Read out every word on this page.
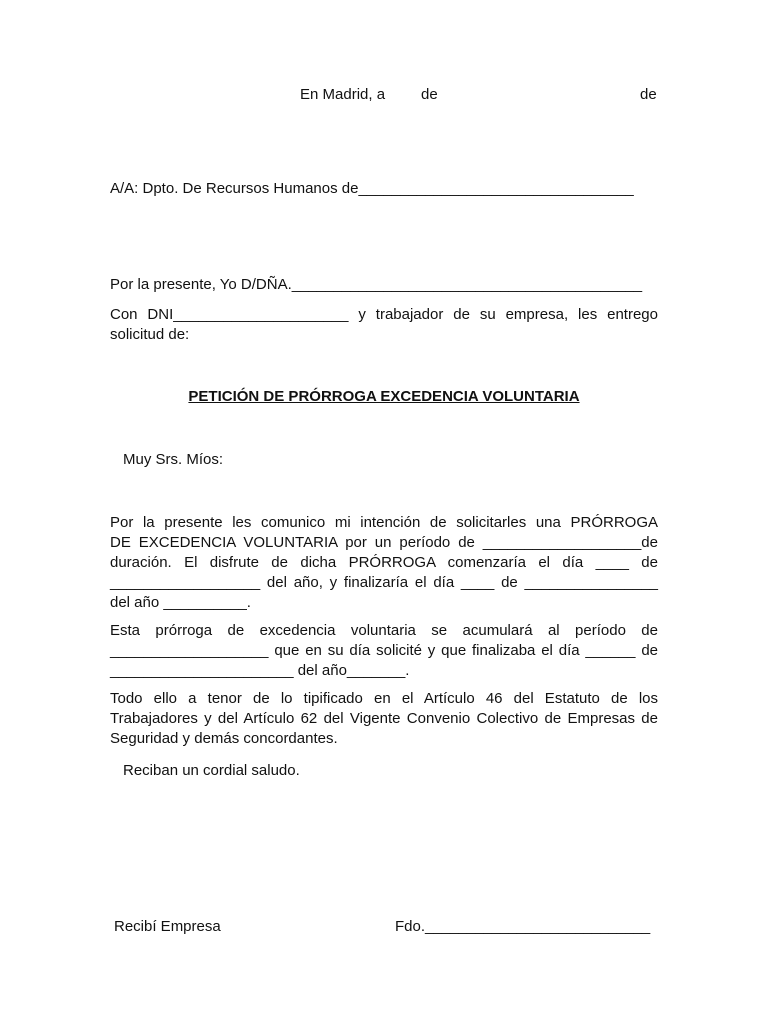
En Madrid, a de	de
A/A: Dpto. De Recursos Humanos de_________________________________
Por la presente, Yo D/DÑA.__________________________________________
Con DNI_____________________ y trabajador de su empresa, les entrego
solicitud de:
PETICIÓN DE PRÓRROGA EXCEDENCIA VOLUNTARIA
Muy Srs. Míos:
Por la presente les comunico mi intención de solicitarles una PRÓRROGA
DE EXCEDENCIA VOLUNTARIA por un período de ___________________de
duración. El disfrute de dicha PRÓRROGA comenzaría el día ____ de
__________________ del año, y finalizaría el día ____ de ________________
del año __________.
Esta prórroga de excedencia voluntaria se acumulará al período de
___________________ que en su día solicité y que finalizaba el día ______ de
______________________ del año_______.
Todo ello a tenor de lo tipificado en el Artículo 46 del Estatuto de los
Trabajadores y del Artículo 62 del Vigente Convenio Colectivo de Empresas de
Seguridad y demás concordantes.
Reciban un cordial saludo.
Recibí Empresa	Fdo.___________________________
